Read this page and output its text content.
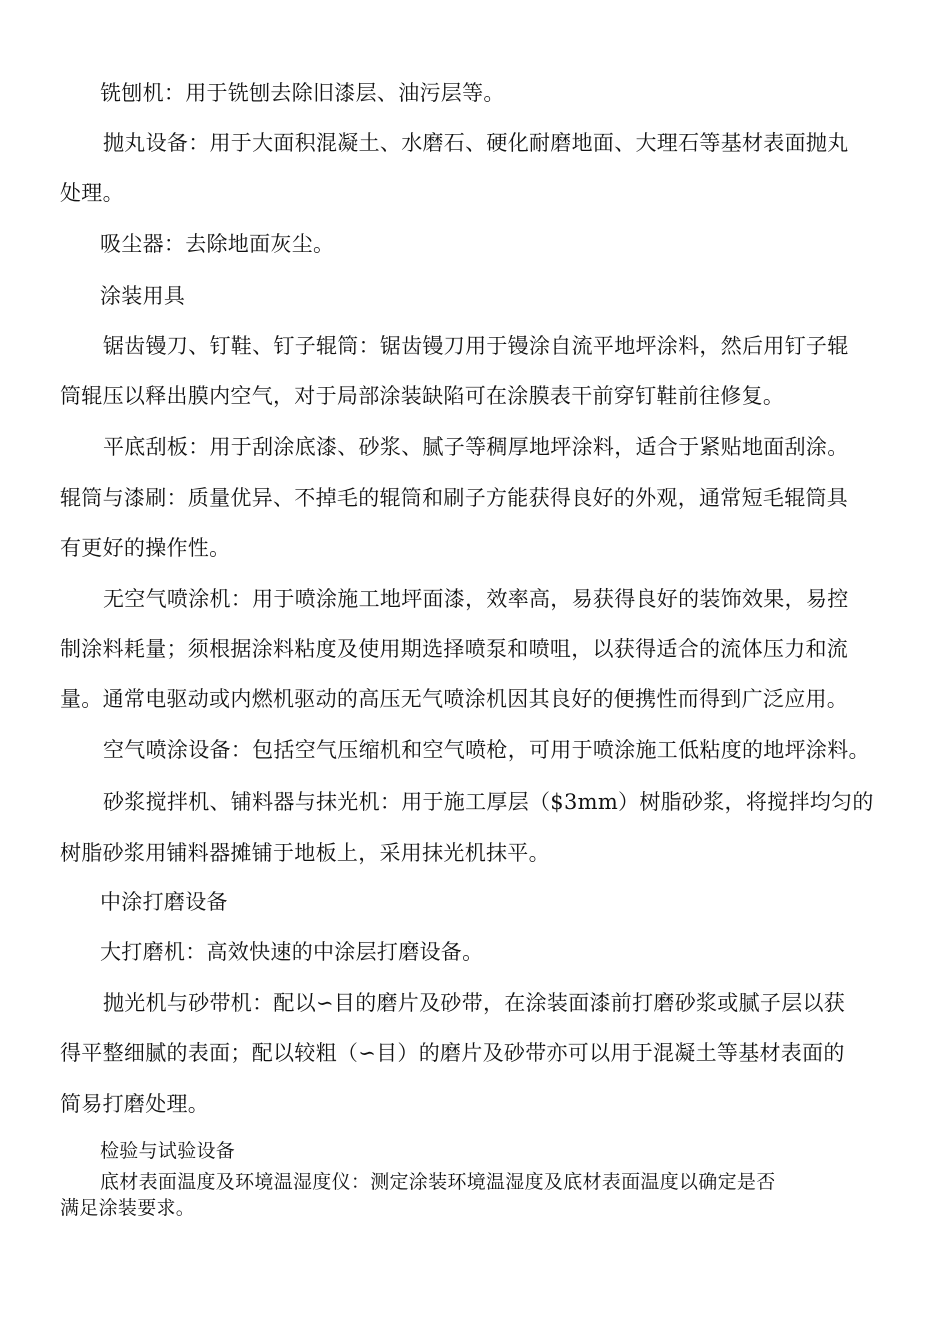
铣刨机：用于铣刨去除旧漆层、油污层等。
抛丸设备：用于大面积混凝土、水磨石、硬化耐磨地面、大理石等基材表面抛丸
处理。
吸尘器：去除地面灰尘。
涂装用具
锯齿镘刀、钉鞋、钉子辊筒：锯齿镘刀用于镘涂自流平地坪涂料，然后用钉子辊
筒辊压以释出膜内空气，对于局部涂装缺陷可在涂膜表干前穿钉鞋前往修复。
平底刮板：用于刮涂底漆、砂浆、腻子等稠厚地坪涂料，适合于紧贴地面刮涂。
辊筒与漆刷：质量优异、不掉毛的辊筒和刷子方能获得良好的外观，通常短毛辊筒具
有更好的操作性。
无空气喷涂机：用于喷涂施工地坪面漆，效率高，易获得良好的装饰效果，易控
制涂料耗量；须根据涂料粘度及使用期选择喷泵和喷咀，以获得适合的流体压力和流
量。通常电驱动或内燃机驱动的高压无气喷涂机因其良好的便携性而得到广泛应用。
空气喷涂设备：包括空气压缩机和空气喷枪，可用于喷涂施工低粘度的地坪涂料。
砂浆搅拌机、铺料器与抹光机：用于施工厚层（$3mm）树脂砂浆，将搅拌均匀的
树脂砂浆用铺料器摊铺于地板上，采用抹光机抹平。
中涂打磨设备
大打磨机：高效快速的中涂层打磨设备。
抛光机与砂带机：配以∽目的磨片及砂带，在涂装面漆前打磨砂浆或腻子层以获
得平整细腻的表面；配以较粗（∽目）的磨片及砂带亦可以用于混凝土等基材表面的
简易打磨处理。
检验与试验设备
底材表面温度及环境温湿度仪：测定涂装环境温湿度及底材表面温度以确定是否
满足涂装要求。
